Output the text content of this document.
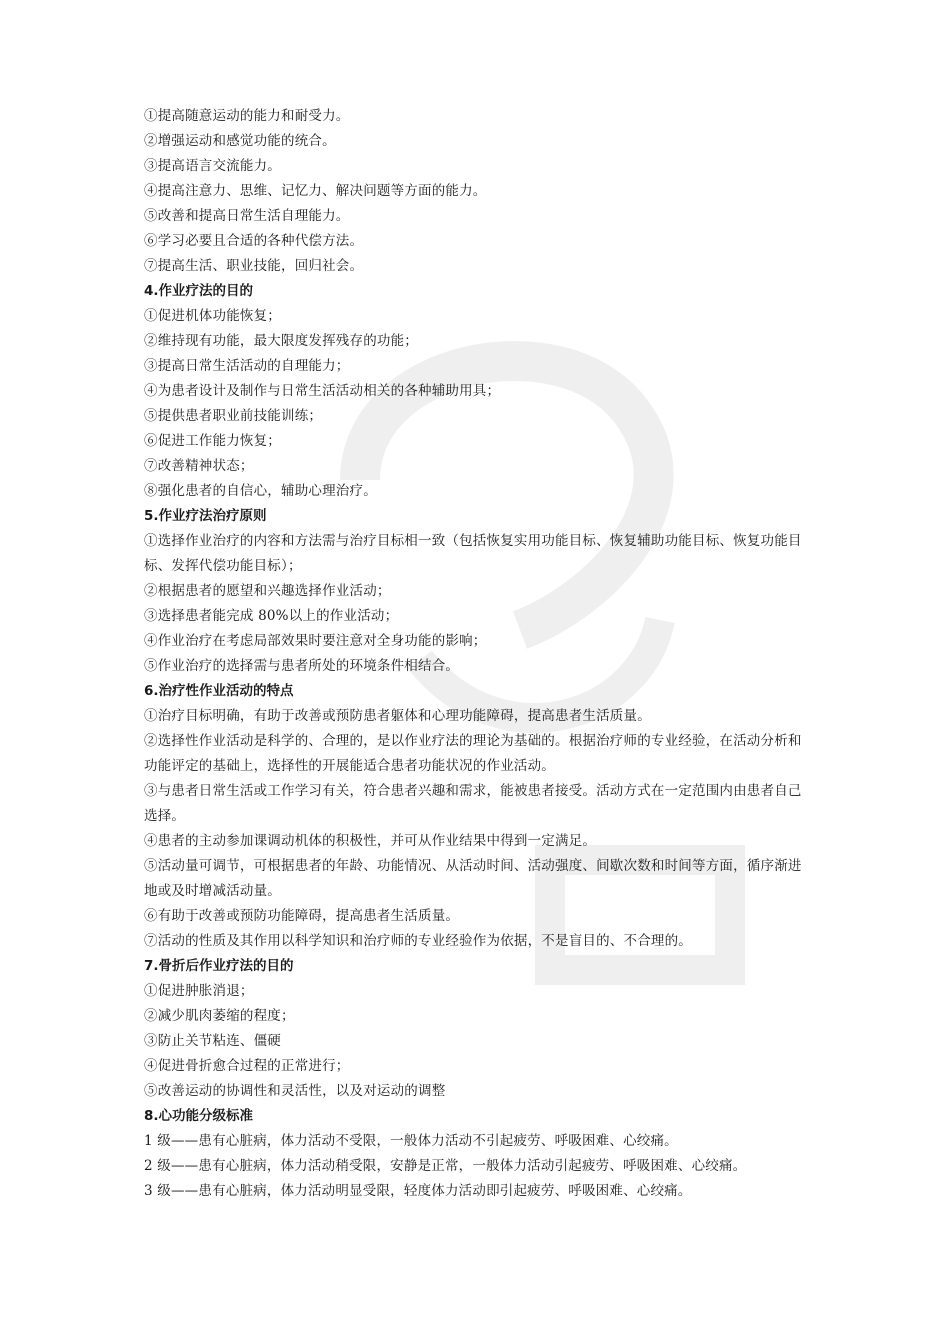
①提高随意运动的能力和耐受力。
②增强运动和感觉功能的统合。
③提高语言交流能力。
④提高注意力、思维、记忆力、解决问题等方面的能力。
⑤改善和提高日常生活自理能力。
⑥学习必要且合适的各种代偿方法。
⑦提高生活、职业技能，回归社会。
4.作业疗法的目的
①促进机体功能恢复；
②维持现有功能，最大限度发挥残存的功能；
③提高日常生活活动的自理能力；
④为患者设计及制作与日常生活活动相关的各种辅助用具；
⑤提供患者职业前技能训练；
⑥促进工作能力恢复；
⑦改善精神状态；
⑧强化患者的自信心，辅助心理治疗。
5.作业疗法治疗原则
①选择作业治疗的内容和方法需与治疗目标相一致（包括恢复实用功能目标、恢复辅助功能目标、恢复功能目标、发挥代偿功能目标）；
②根据患者的愿望和兴趣选择作业活动；
③选择患者能完成 80%以上的作业活动；
④作业治疗在考虑局部效果时要注意对全身功能的影响；
⑤作业治疗的选择需与患者所处的环境条件相结合。
6.治疗性作业活动的特点
①治疗目标明确，有助于改善或预防患者躯体和心理功能障碍，提高患者生活质量。
②选择性作业活动是科学的、合理的，是以作业疗法的理论为基础的。根据治疗师的专业经验，在活动分析和功能评定的基础上，选择性的开展能适合患者功能状况的作业活动。
③与患者日常生活或工作学习有关，符合患者兴趣和需求，能被患者接受。活动方式在一定范围内由患者自己选择。
④患者的主动参加课调动机体的积极性，并可从作业结果中得到一定满足。
⑤活动量可调节，可根据患者的年龄、功能情况、从活动时间、活动强度、间歇次数和时间等方面，循序渐进地或及时增减活动量。
⑥有助于改善或预防功能障碍，提高患者生活质量。
⑦活动的性质及其作用以科学知识和治疗师的专业经验作为依据，不是盲目的、不合理的。
7.骨折后作业疗法的目的
①促进肿胀消退；
②减少肌肉萎缩的程度；
③防止关节粘连、僵硬
④促进骨折愈合过程的正常进行；
⑤改善运动的协调性和灵活性，以及对运动的调整
8.心功能分级标准
1 级——患有心脏病，体力活动不受限，一般体力活动不引起疲劳、呼吸困难、心绞痛。
2 级——患有心脏病，体力活动稍受限，安静是正常，一般体力活动引起疲劳、呼吸困难、心绞痛。
3 级——患有心脏病，体力活动明显受限，轻度体力活动即引起疲劳、呼吸困难、心绞痛。
